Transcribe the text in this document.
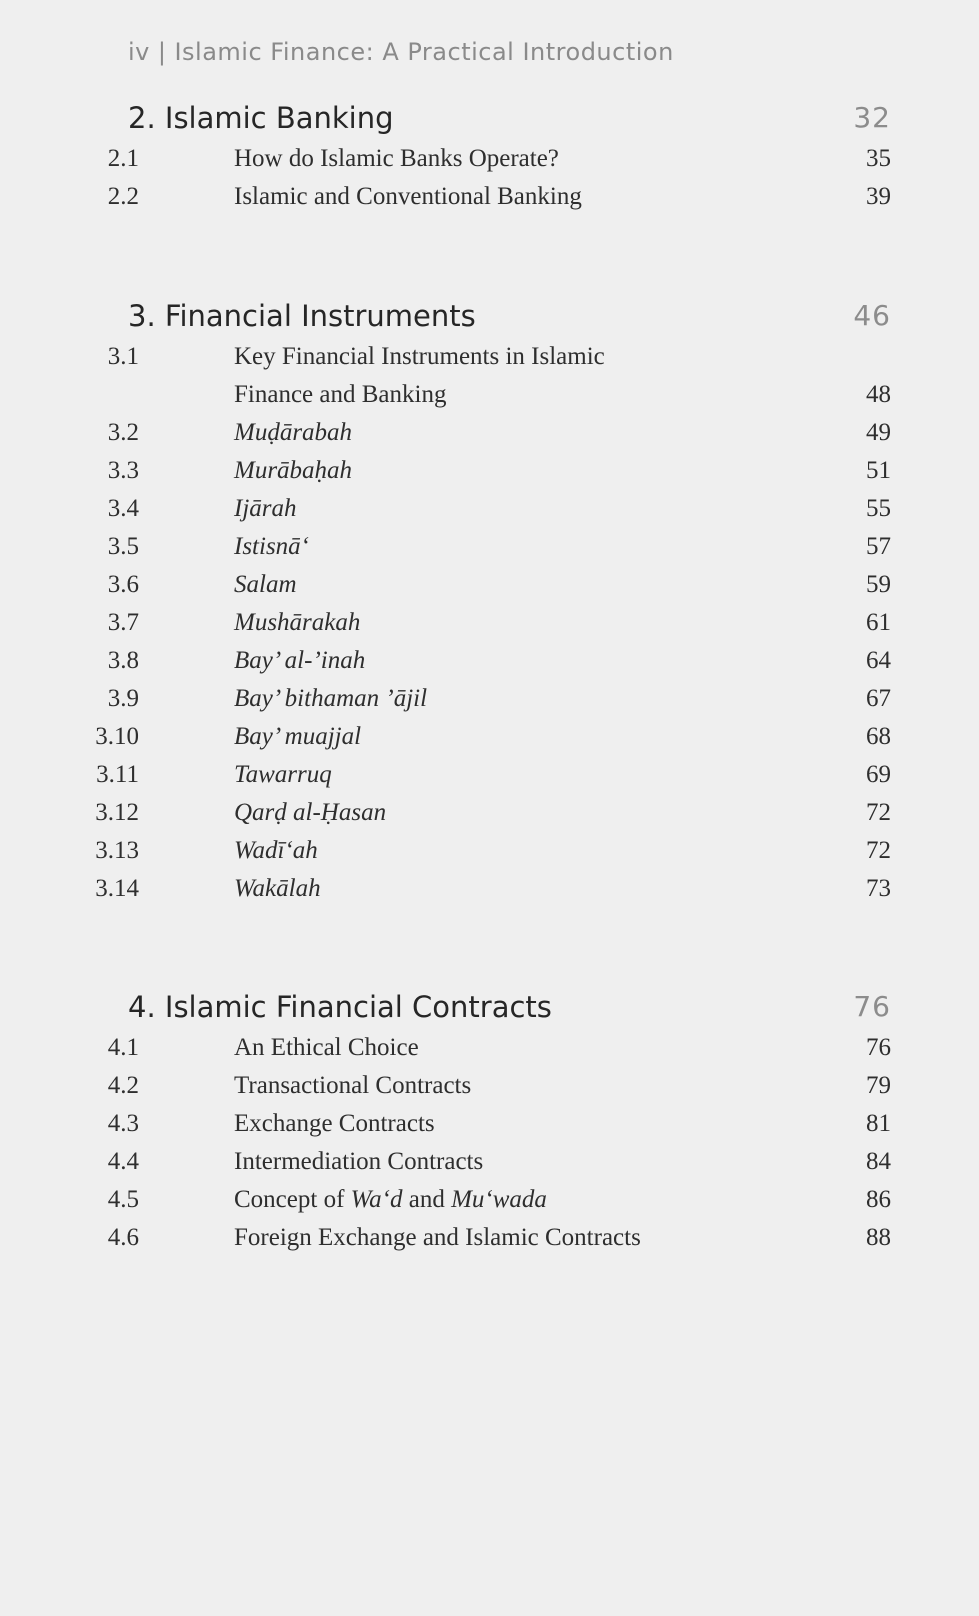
iv | Islamic Finance: A Practical Introduction
2. Islamic Banking	32
2.1	How do Islamic Banks Operate?	35
2.2	Islamic and Conventional Banking	39
3. Financial Instruments	46
3.1	Key Financial Instruments in Islamic
Finance and Banking	48
3.2	Muḍārabah	49
3.3	Murābaḥah	51
3.4	Ijārah	55
3.5	Istisnā‘	57
3.6	Salam	59
3.7	Mushārakah	61
3.8	Bay’ al-’inah	64
3.9	Bay’ bithaman ’ājil	67
3.10	Bay’ muajjal	68
3.11	Tawarruq	69
3.12	Qarḍ al-Ḥasan	72
3.13	Wadī‘ah	72
3.14	Wakālah	73
4. Islamic Financial Contracts	76
4.1	An Ethical Choice	76
4.2	Transactional Contracts	79
4.3	Exchange Contracts	81
4.4	Intermediation Contracts	84
4.5	Concept of Wa‘d and Mu‘wada	86
4.6	Foreign Exchange and Islamic Contracts	88
